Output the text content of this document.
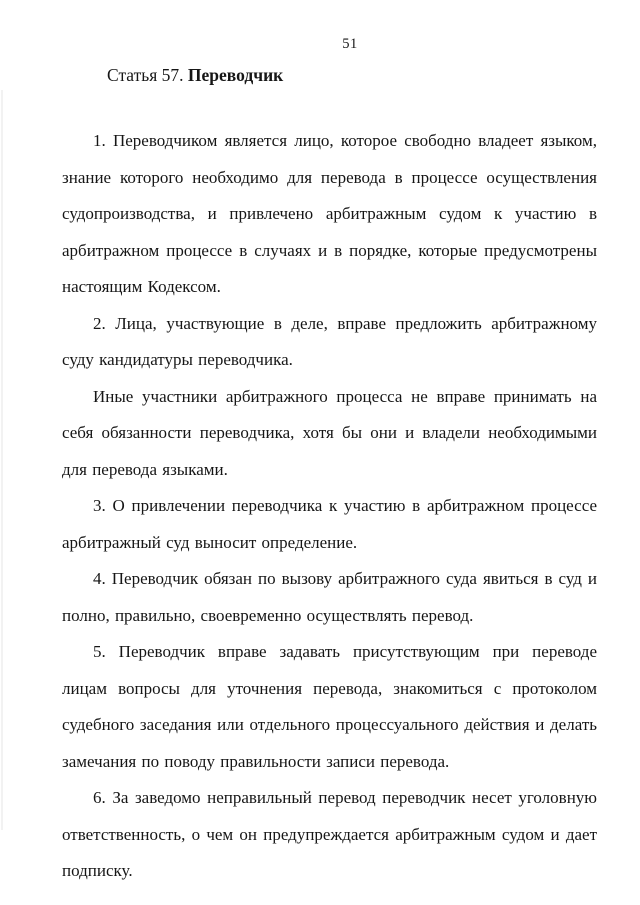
51
Статья 57. Переводчик

1. Переводчиком является лицо, которое свободно владеет языком, знание которого необходимо для перевода в процессе осуществления судопроизводства, и привлечено арбитражным судом к участию в арбитражном процессе в случаях и в порядке, которые предусмотрены настоящим Кодексом.

2. Лица, участвующие в деле, вправе предложить арбитражному суду кандидатуры переводчика.

Иные участники арбитражного процесса не вправе принимать на себя обязанности переводчика, хотя бы они и владели необходимыми для перевода языками.

3. О привлечении переводчика к участию в арбитражном процессе арбитражный суд выносит определение.

4. Переводчик обязан по вызову арбитражного суда явиться в суд и полно, правильно, своевременно осуществлять перевод.

5. Переводчик вправе задавать присутствующим при переводе лицам вопросы для уточнения перевода, знакомиться с протоколом судебного заседания или отдельного процессуального действия и делать замечания по поводу правильности записи перевода.

6. За заведомо неправильный перевод переводчик несет уголовную ответственность, о чем он предупреждается арбитражным судом и дает подписку.
